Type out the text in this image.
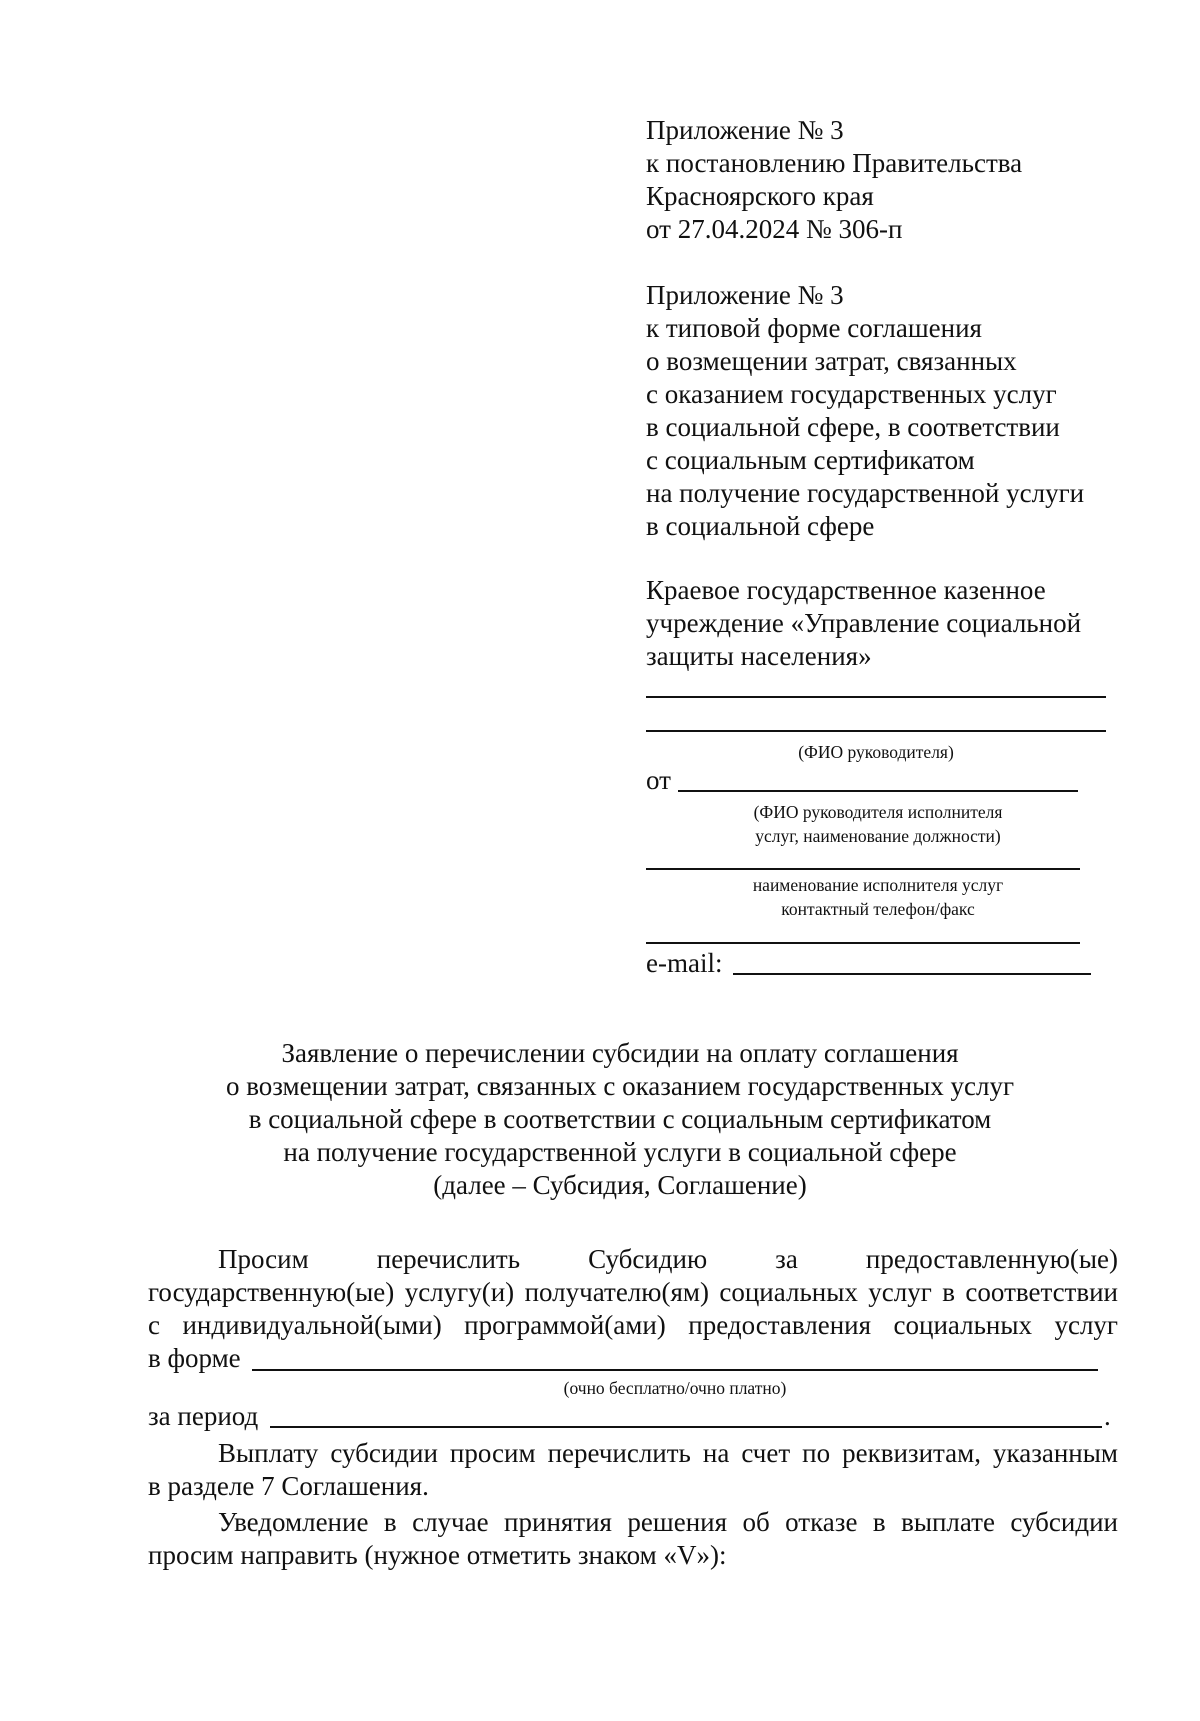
Приложение № 3
к постановлению Правительства
Красноярского края
от 27.04.2024 № 306-п
Приложение № 3
к типовой форме соглашения
о возмещении затрат, связанных
с оказанием государственных услуг
в социальной сфере, в соответствии
с социальным сертификатом
на получение государственной услуги
в социальной сфере
Краевое государственное казенное
учреждение «Управление социальной
защиты населения»
(ФИО руководителя)
от
(ФИО руководителя исполнителя
услуг, наименование должности)
наименование исполнителя услуг
контактный телефон/факс
e-mail:
Заявление о перечислении субсидии на оплату соглашения
о возмещении затрат, связанных с оказанием государственных услуг
в социальной сфере в соответствии с социальным сертификатом
на получение государственной услуги в социальной сфере
(далее – Субсидия, Соглашение)
Просим перечислить Субсидию за предоставленную(ые)
государственную(ые) услугу(и) получателю(ям) социальных услуг в соответствии
с индивидуальной(ыми) программой(ами) предоставления социальных услуг
в форме
(очно бесплатно/очно платно)
за период	.
Выплату субсидии просим перечислить на счет по реквизитам, указанным
в разделе 7 Соглашения.
Уведомление в случае принятия решения об отказе в выплате субсидии
просим направить (нужное отметить знаком «V»):
